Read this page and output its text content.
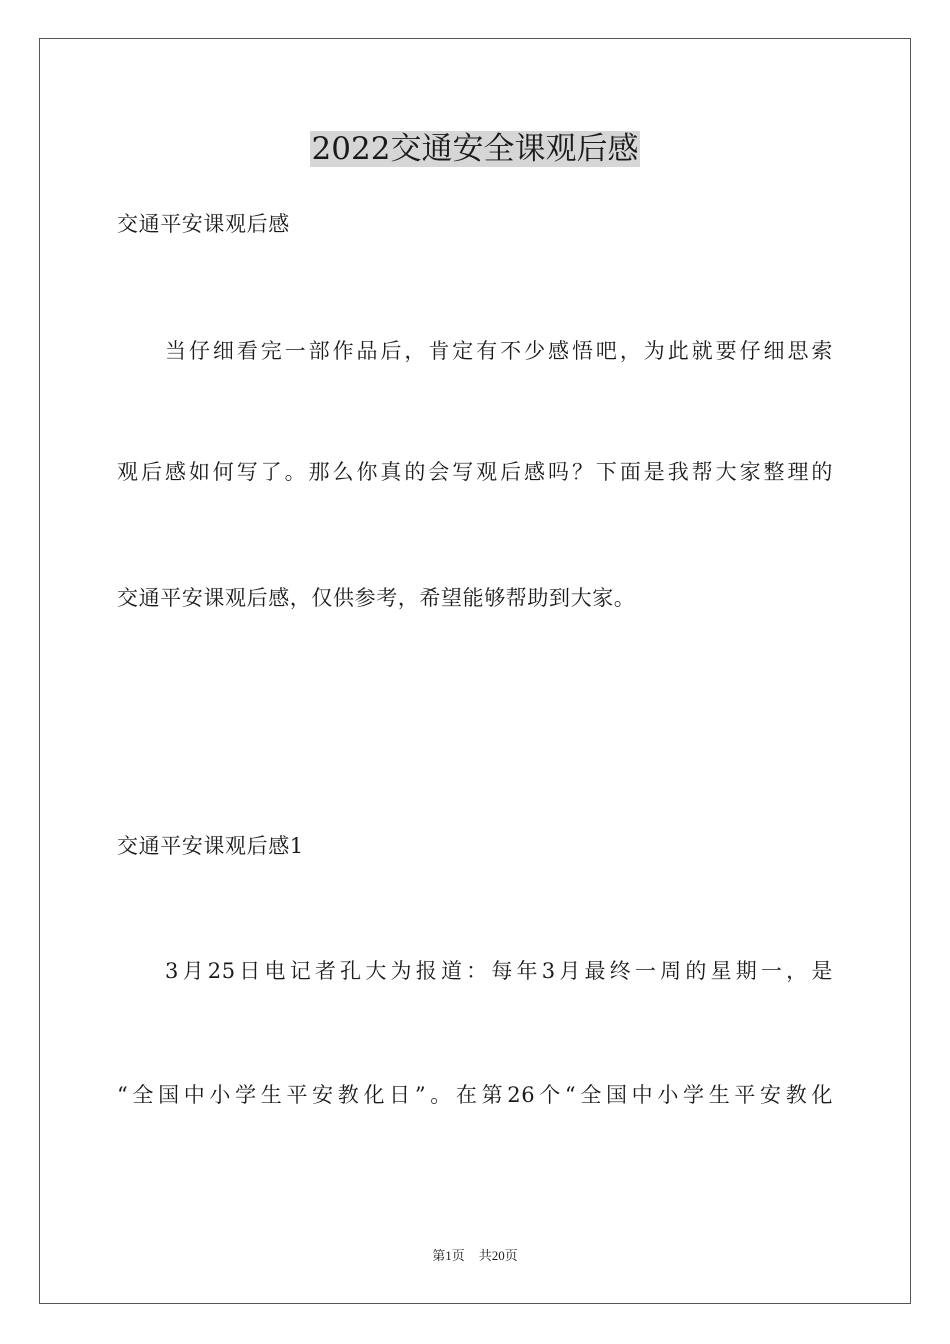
2022交通安全课观后感
交通平安课观后感
当仔细看完一部作品后，肯定有不少感悟吧，为此就要仔细思索
观后感如何写了。那么你真的会写观后感吗？下面是我帮大家整理的
交通平安课观后感，仅供参考，希望能够帮助到大家。
交通平安课观后感1
3月25日电记者孔大为报道：每年3月最终一周的星期一，是
“全国中小学生平安教化日”。在第26个“全国中小学生平安教化
第1页 共20页
